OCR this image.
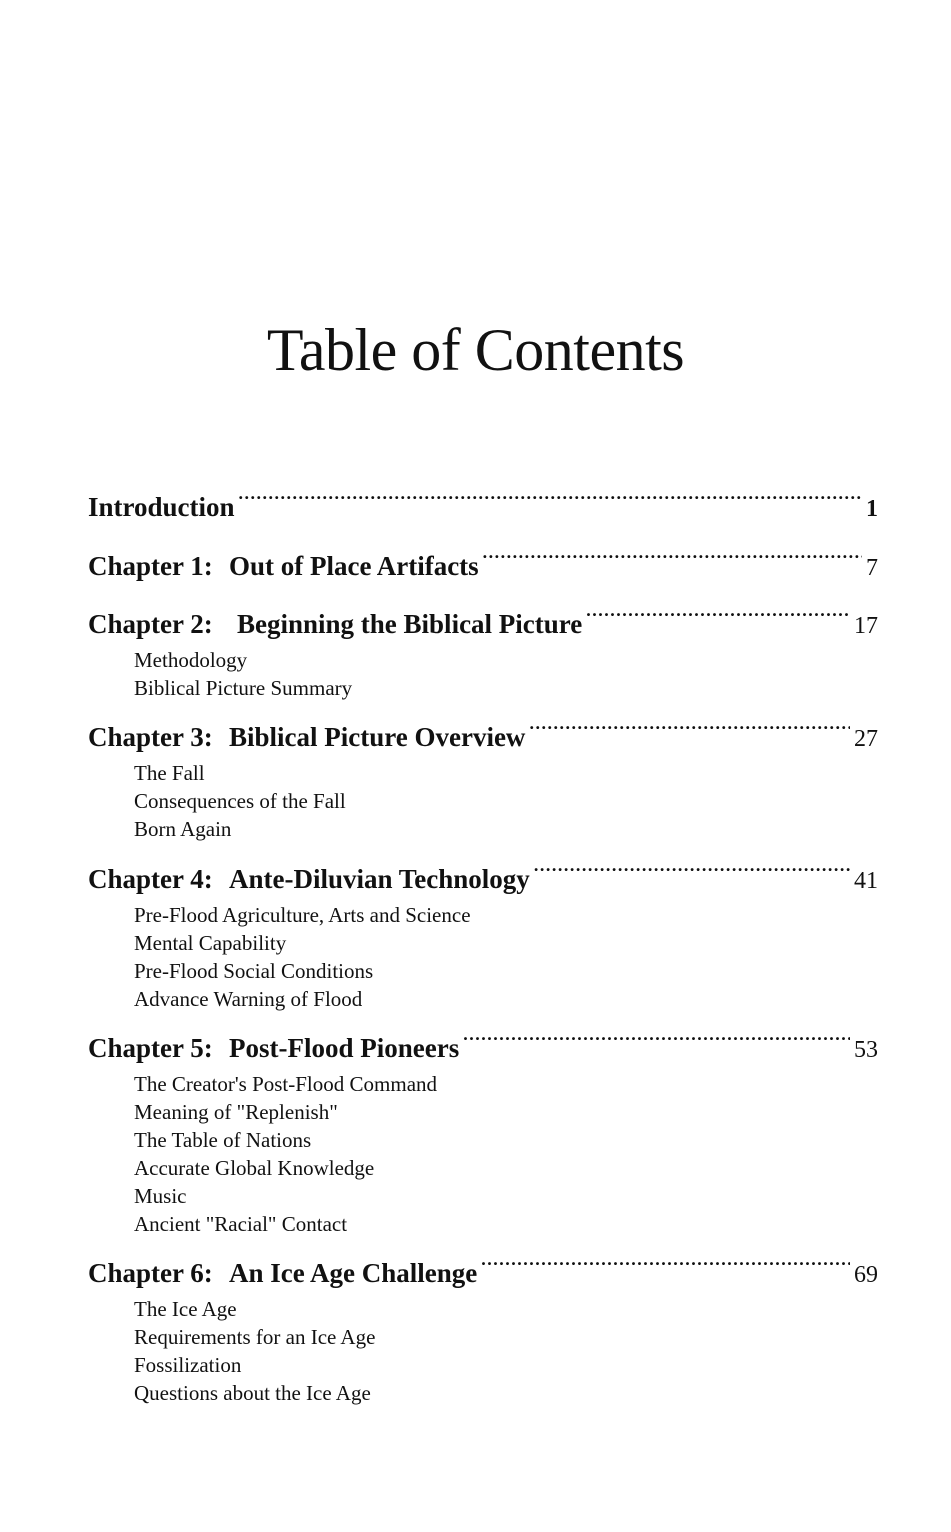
Table of Contents
Introduction .....	1
Chapter 1: Out of Place Artifacts .....	7
Chapter 2: Beginning the Biblical Picture .....	17
Methodology
Biblical Picture Summary
Chapter 3: Biblical Picture Overview .....	27
The Fall
Consequences of the Fall
Born Again
Chapter 4: Ante-Diluvian Technology .....	41
Pre-Flood Agriculture, Arts and Science
Mental Capability
Pre-Flood Social Conditions
Advance Warning of Flood
Chapter 5: Post-Flood Pioneers .....	53
The Creator's Post-Flood Command
Meaning of "Replenish"
The Table of Nations
Accurate Global Knowledge
Music
Ancient "Racial" Contact
Chapter 6: An Ice Age Challenge .....	69
The Ice Age
Requirements for an Ice Age
Fossilization
Questions about the Ice Age
